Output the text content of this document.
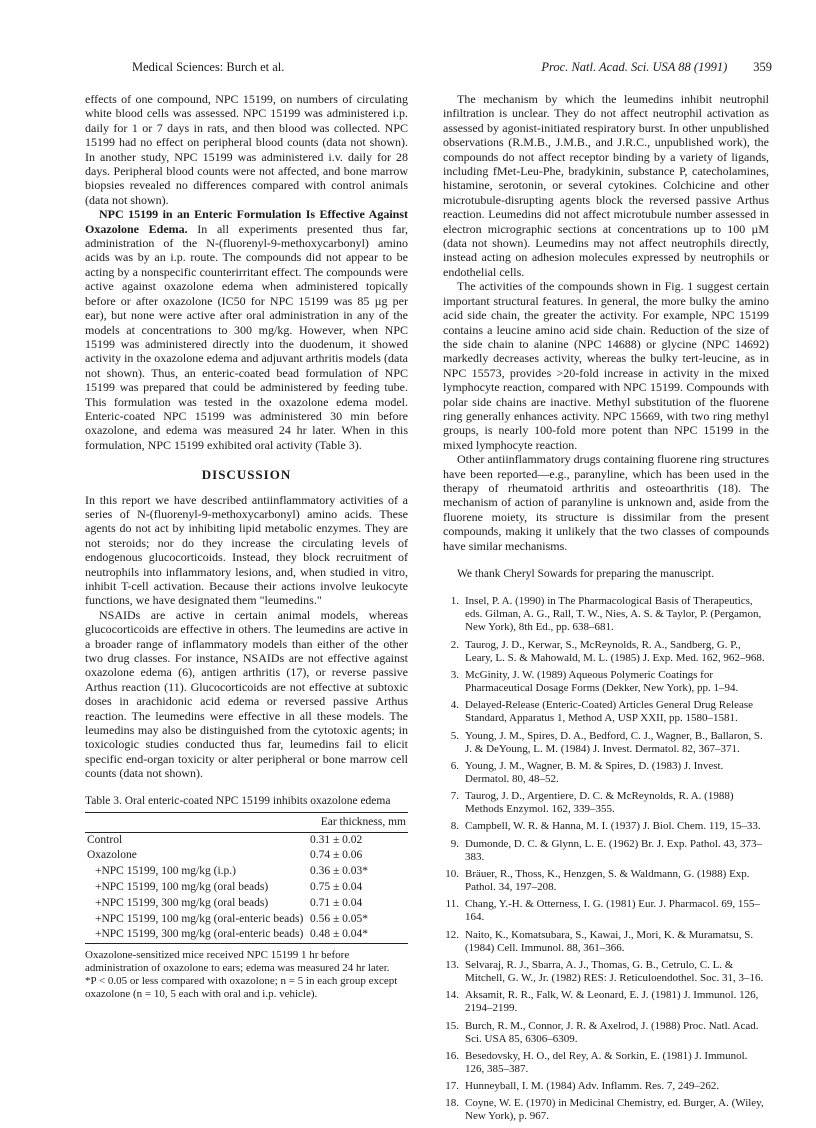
Medical Sciences: Burch et al.	Proc. Natl. Acad. Sci. USA 88 (1991) 359

effects of one compound, NPC 15199, on numbers of circulating white blood cells was assessed. NPC 15199 was administered i.p. daily for 1 or 7 days in rats, and then blood was collected. NPC 15199 had no effect on peripheral blood counts (data not shown). In another study, NPC 15199 was administered i.v. daily for 28 days. Peripheral blood counts were not affected, and bone marrow biopsies revealed no differences compared with control animals (data not shown).

NPC 15199 in an Enteric Formulation Is Effective Against Oxazolone Edema. In all experiments presented thus far, administration of the N-(fluorenyl-9-methoxycarbonyl) amino acids was by an i.p. route. The compounds did not appear to be acting by a nonspecific counterirritant effect. The compounds were active against oxazolone edema when administered topically before or after oxazolone (IC50 for NPC 15199 was 85 µg per ear), but none were active after oral administration in any of the models at concentrations to 300 mg/kg. However, when NPC 15199 was administered directly into the duodenum, it showed activity in the oxazolone edema and adjuvant arthritis models (data not shown). Thus, an enteric-coated bead formulation of NPC 15199 was prepared that could be administered by feeding tube. This formulation was tested in the oxazolone edema model. Enteric-coated NPC 15199 was administered 30 min before oxazolone, and edema was measured 24 hr later. When in this formulation, NPC 15199 exhibited oral activity (Table 3).

DISCUSSION

In this report we have described antiinflammatory activities of a series of N-(fluorenyl-9-methoxycarbonyl) amino acids. These agents do not act by inhibiting lipid metabolic enzymes. They are not steroids; nor do they increase the circulating levels of endogenous glucocorticoids. Instead, they block recruitment of neutrophils into inflammatory lesions, and, when studied in vitro, inhibit T-cell activation. Because their actions involve leukocyte functions, we have designated them "leumedins."

NSAIDs are active in certain animal models, whereas glucocorticoids are effective in others. The leumedins are active in a broader range of inflammatory models than either of the other two drug classes. For instance, NSAIDs are not effective against oxazolone edema (6), antigen arthritis (17), or reverse passive Arthus reaction (11). Glucocorticoids are not effective at subtoxic doses in arachidonic acid edema or reversed passive Arthus reaction. The leumedins were effective in all these models. The leumedins may also be distinguished from the cytotoxic agents; in toxicologic studies conducted thus far, leumedins fail to elicit specific end-organ toxicity or alter peripheral or bone marrow cell counts (data not shown).

Table 3. Oral enteric-coated NPC 15199 inhibits oxazolone edema
Ear thickness, mm	
Control	0.31 ± 0.02
Oxazolone	0.74 ± 0.06
+NPC 15199, 100 mg/kg (i.p.)	0.36 ± 0.03*
+NPC 15199, 100 mg/kg (oral beads)	0.75 ± 0.04
+NPC 15199, 300 mg/kg (oral beads)	0.71 ± 0.04
+NPC 15199, 100 mg/kg (oral-enteric beads)	0.56 ± 0.05*
+NPC 15199, 300 mg/kg (oral-enteric beads)	0.48 ± 0.04*
Oxazolone-sensitized mice received NPC 15199 1 hr before administration of oxazolone to ears; edema was measured 24 hr later.
*P < 0.05 or less compared with oxazolone; n = 5 in each group except oxazolone (n = 10, 5 each with oral and i.p. vehicle).

The mechanism by which the leumedins inhibit neutrophil infiltration is unclear. They do not affect neutrophil activation as assessed by agonist-initiated respiratory burst. In other unpublished observations (R.M.B., J.M.B., and J.R.C., unpublished work), the compounds do not affect receptor binding by a variety of ligands, including fMet-Leu-Phe, bradykinin, substance P, catecholamines, histamine, serotonin, or several cytokines. Colchicine and other microtubule-disrupting agents block the reversed passive Arthus reaction. Leumedins did not affect microtubule number assessed in electron micrographic sections at concentrations up to 100 µM (data not shown). Leumedins may not affect neutrophils directly, instead acting on adhesion molecules expressed by neutrophils or endothelial cells.

The activities of the compounds shown in Fig. 1 suggest certain important structural features. In general, the more bulky the amino acid side chain, the greater the activity. For example, NPC 15199 contains a leucine amino acid side chain. Reduction of the size of the side chain to alanine (NPC 14688) or glycine (NPC 14692) markedly decreases activity, whereas the bulky tert-leucine, as in NPC 15573, provides >20-fold increase in activity in the mixed lymphocyte reaction, compared with NPC 15199. Compounds with polar side chains are inactive. Methyl substitution of the fluorene ring generally enhances activity. NPC 15669, with two ring methyl groups, is nearly 100-fold more potent than NPC 15199 in the mixed lymphocyte reaction.

Other antiinflammatory drugs containing fluorene ring structures have been reported—e.g., paranyline, which has been used in the therapy of rheumatoid arthritis and osteoarthritis (18). The mechanism of action of paranyline is unknown and, aside from the fluorene moiety, its structure is dissimilar from the present compounds, making it unlikely that the two classes of compounds have similar mechanisms.

We thank Cheryl Sowards for preparing the manuscript.

1. Insel, P. A. (1990) in The Pharmacological Basis of Therapeutics, eds. Gilman, A. G., Rall, T. W., Nies, A. S. & Taylor, P. (Pergamon, New York), 8th Ed., pp. 638–681.
2. Taurog, J. D., Kerwar, S., McReynolds, R. A., Sandberg, G. P., Leary, L. S. & Mahowald, M. L. (1985) J. Exp. Med. 162, 962–968.
3. McGinity, J. W. (1989) Aqueous Polymeric Coatings for Pharmaceutical Dosage Forms (Dekker, New York), pp. 1–94.
4. Delayed-Release (Enteric-Coated) Articles General Drug Release Standard, Apparatus 1, Method A, USP XXII, pp. 1580–1581.
5. Young, J. M., Spires, D. A., Bedford, C. J., Wagner, B., Ballaron, S. J. & DeYoung, L. M. (1984) J. Invest. Dermatol. 82, 367–371.
6. Young, J. M., Wagner, B. M. & Spires, D. (1983) J. Invest. Dermatol. 80, 48–52.
7. Taurog, J. D., Argentiere, D. C. & McReynolds, R. A. (1988) Methods Enzymol. 162, 339–355.
8. Campbell, W. R. & Hanna, M. I. (1937) J. Biol. Chem. 119, 15–33.
9. Dumonde, D. C. & Glynn, L. E. (1962) Br. J. Exp. Pathol. 43, 373–383.
10. Bräuer, R., Thoss, K., Henzgen, S. & Waldmann, G. (1988) Exp. Pathol. 34, 197–208.
11. Chang, Y.-H. & Otterness, I. G. (1981) Eur. J. Pharmacol. 69, 155–164.
12. Naito, K., Komatsubara, S., Kawai, J., Mori, K. & Muramatsu, S. (1984) Cell. Immunol. 88, 361–366.
13. Selvaraj, R. J., Sbarra, A. J., Thomas, G. B., Cetrulo, C. L. & Mitchell, G. W., Jr. (1982) RES: J. Reticuloendothel. Soc. 31, 3–16.
14. Aksamit, R. R., Falk, W. & Leonard, E. J. (1981) J. Immunol. 126, 2194–2199.
15. Burch, R. M., Connor, J. R. & Axelrod, J. (1988) Proc. Natl. Acad. Sci. USA 85, 6306–6309.
16. Besedovsky, H. O., del Rey, A. & Sorkin, E. (1981) J. Immunol. 126, 385–387.
17. Hunneyball, I. M. (1984) Adv. Inflamm. Res. 7, 249–262.
18. Coyne, W. E. (1970) in Medicinal Chemistry, ed. Burger, A. (Wiley, New York), p. 967.
